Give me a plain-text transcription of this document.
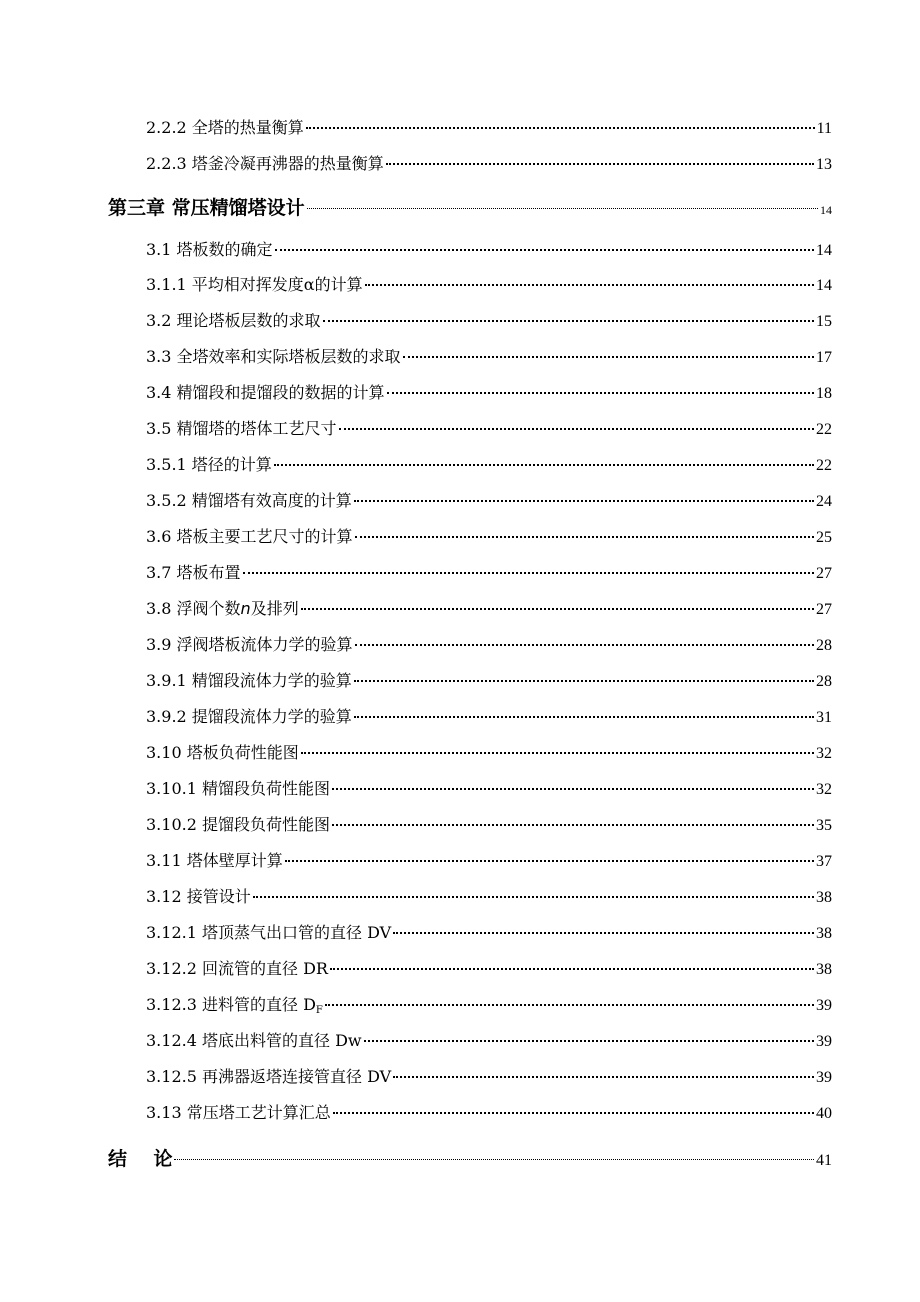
2.2.2 全塔的热量衡算	11
2.2.3 塔釜冷凝再沸器的热量衡算	13
第三章 常压精馏塔设计	14
3.1 塔板数的确定	14
3.1.1 平均相对挥发度α的计算	14
3.2 理论塔板层数的求取	15
3.3 全塔效率和实际塔板层数的求取	17
3.4 精馏段和提馏段的数据的计算	18
3.5 精馏塔的塔体工艺尺寸	22
3.5.1 塔径的计算	22
3.5.2 精馏塔有效高度的计算	24
3.6 塔板主要工艺尺寸的计算	25
3.7 塔板布置	27
3.8 浮阀个数n及排列	27
3.9 浮阀塔板流体力学的验算	28
3.9.1 精馏段流体力学的验算	28
3.9.2 提馏段流体力学的验算	31
3.10 塔板负荷性能图	32
3.10.1 精馏段负荷性能图	32
3.10.2 提馏段负荷性能图	35
3.11 塔体壁厚计算	37
3.12 接管设计	38
3.12.1 塔顶蒸气出口管的直径 DV	38
3.12.2 回流管的直径 DR	38
3.12.3 进料管的直径 DF	39
3.12.4 塔底出料管的直径 Dw	39
3.12.5 再沸器返塔连接管直径 DV	39
3.13 常压塔工艺计算汇总	40
结    论	41
